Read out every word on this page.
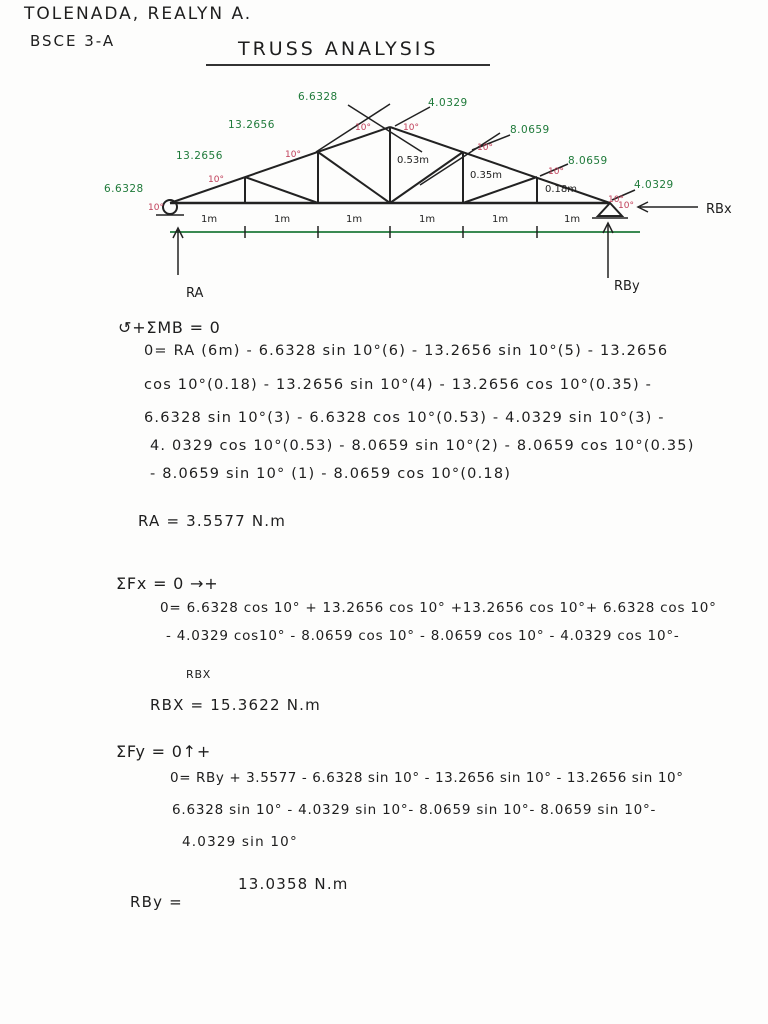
TOLENADA, REALYN A.
BSCE 3-A	TRUSS ANALYSIS
6.6328
13.2656
13.2656
6.6328	4.0329
8.0659
8.0659
4.0329
0.53m
0.35m
0.18m
1m	1m	1m	1m	1m	1m
10°
10°
10°
10°	10°
10°
10°
10°
10°
RA	RBy
RBx
↺+ΣMB = 0
0= RA (6m) - 6.6328 sin 10°(6) - 13.2656 sin 10°(5) - 13.2656
cos 10°(0.18) - 13.2656 sin 10°(4) - 13.2656 cos 10°(0.35) -
6.6328 sin 10°(3) - 6.6328 cos 10°(0.53) - 4.0329 sin 10°(3) -
4. 0329 cos 10°(0.53) - 8.0659 sin 10°(2) - 8.0659 cos 10°(0.35)
- 8.0659 sin 10° (1) - 8.0659 cos 10°(0.18)
RA = 3.5577 N.m
ΣFx = 0 →+
0= 6.6328 cos 10° + 13.2656 cos 10° +13.2656 cos 10°+ 6.6328 cos 10°
- 4.0329 cos10° - 8.0659 cos 10° - 8.0659 cos 10° - 4.0329 cos 10°-
RBX
RBX = 15.3622 N.m
ΣFy = 0↑+
0= RBy + 3.5577 - 6.6328 sin 10° - 13.2656 sin 10° - 13.2656 sin 10°
6.6328 sin 10° - 4.0329 sin 10°- 8.0659 sin 10°- 8.0659 sin 10°-
4.0329 sin 10°
RBy =
13.0358 N.m
